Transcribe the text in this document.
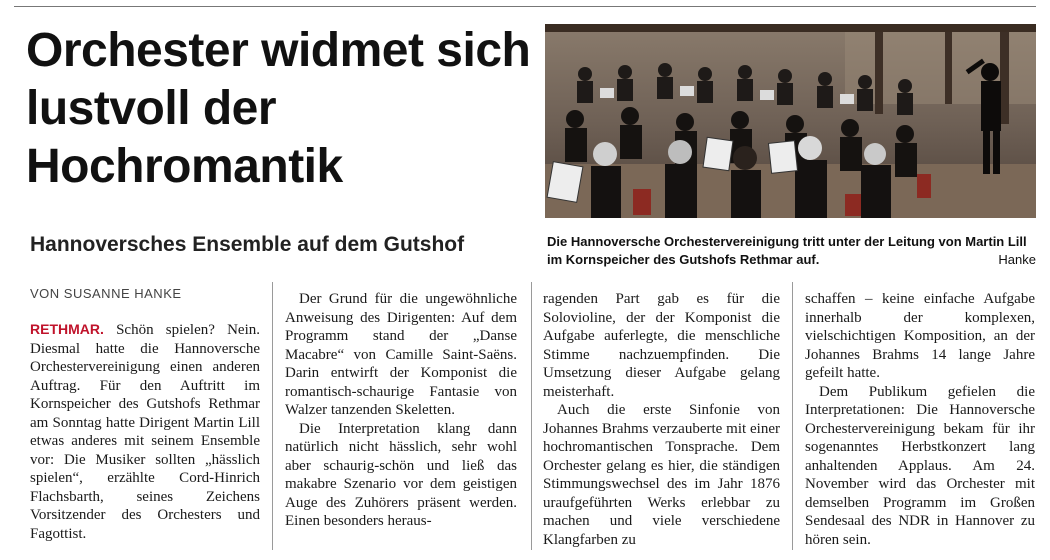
Orchester widmet sich lustvoll der Hochromantik
Hannoversches Ensemble auf dem Gutshof	Die Hannoversche Orchestervereinigung tritt unter der Leitung von Martin Lill im Kornspeicher des Gutshofs Rethmar auf.	Hanke
VON SUSANNE HANKE

RETHMAR. Schön spielen? Nein. Diesmal hatte die Hannoversche Orchestervereinigung einen anderen Auftrag. Für den Auftritt im Kornspeicher des Gutshofs Rethmar am Sonntag hatte Dirigent Martin Lill etwas anderes mit seinem Ensemble vor: Die Musiker sollten „hässlich spielen“, erzählte Cord-Hinrich Flachsbarth, seines Zeichens Vorsitzender des Orchesters und Fagottist.

Der Grund für die ungewöhnliche Anweisung des Dirigenten: Auf dem Programm stand der „Danse Macabre“ von Camille Saint-Saëns. Darin entwirft der Komponist die romantisch-schaurige Fantasie von Walzer tanzenden Skeletten.

Die Interpretation klang dann natürlich nicht hässlich, sehr wohl aber schaurig-schön und ließ das makabre Szenario vor dem geistigen Auge des Zuhörers präsent werden. Einen besonders heraus-

ragenden Part gab es für die Solovioline, der der Komponist die Aufgabe auferlegte, die menschliche Stimme nachzuempfinden. Die Umsetzung dieser Aufgabe gelang meisterhaft.

Auch die erste Sinfonie von Johannes Brahms verzauberte mit einer hochromantischen Tonsprache. Dem Orchester gelang es hier, die ständigen Stimmungswechsel des im Jahr 1876 uraufgeführten Werks erlebbar zu machen und viele verschiedene Klangfarben zu

schaffen – keine einfache Aufgabe innerhalb der komplexen, vielschichtigen Komposition, an der Johannes Brahms 14 lange Jahre gefeilt hatte.

Dem Publikum gefielen die Interpretationen: Die Hannoversche Orchestervereinigung bekam für ihr sogenanntes Herbstkonzert lang anhaltenden Applaus. Am 24. November wird das Orchester mit demselben Programm im Großen Sendesaal des NDR in Hannover zu hören sein.
